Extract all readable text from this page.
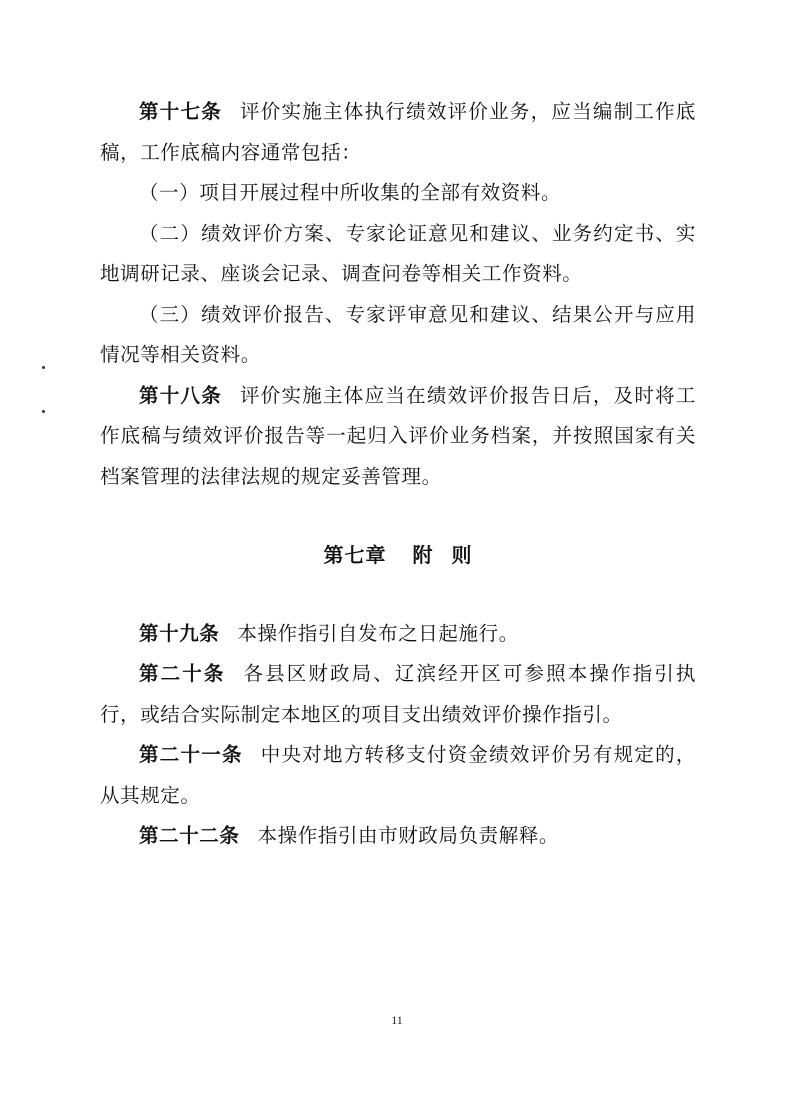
第十七条 评价实施主体执行绩效评价业务，应当编制工作底稿，工作底稿内容通常包括：

（一）项目开展过程中所收集的全部有效资料。

（二）绩效评价方案、专家论证意见和建议、业务约定书、实地调研记录、座谈会记录、调查问卷等相关工作资料。

（三）绩效评价报告、专家评审意见和建议、结果公开与应用情况等相关资料。

第十八条 评价实施主体应当在绩效评价报告日后，及时将工作底稿与绩效评价报告等一起归入评价业务档案，并按照国家有关档案管理的法律法规的规定妥善管理。

第七章 附 则

第十九条 本操作指引自发布之日起施行。

第二十条 各县区财政局、辽滨经开区可参照本操作指引执行，或结合实际制定本地区的项目支出绩效评价操作指引。

第二十一条 中央对地方转移支付资金绩效评价另有规定的，从其规定。

第二十二条 本操作指引由市财政局负责解释。

11
